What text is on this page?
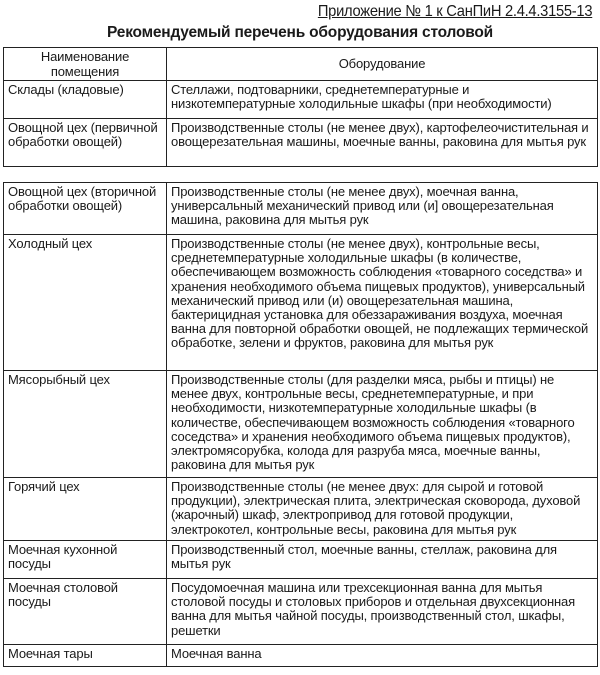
Приложение № 1 к СанПиН 2.4.4.3155-13
Рекомендуемый перечень оборудования столовой
Наименование помещения	Оборудование
Склады (кладовые)	Стеллажи, подтоварники, среднетемпературные и низкотемпературные холодильные шкафы (при необходимости)
Овощной цех (первичной обработки овощей)	Производственные столы (не менее двух), картофелеочистительная и овощерезательная машины, моечные ванны, раковина для мытья рук
Овощной цех (вторичной обработки овощей)	Производственные столы (не менее двух), моечная ванна, универсальный механический привод или (и] овощерезательная машина, раковина для мытья рук
Холодный цех	Производственные столы (не менее двух), контрольные весы, среднетемпературные холодильные шкафы (в количестве, обеспечивающем возможность соблюдения «товарного соседства» и хранения необходимого объема пищевых продуктов), универсальный механический привод или (и) овощерезательная машина, бактерицидная установка для обеззараживания воздуха, моечная ванна для повторной обработки овощей, не подлежащих термической обработке, зелени и фруктов, раковина для мытья рук
Мясорыбный цех	Производственные столы (для разделки мяса, рыбы и птицы) не менее двух, контрольные весы, среднетемпературные, и при необходимости, низкотемпературные холодильные шкафы (в количестве, обеспечивающем возможность соблюдения «товарного соседства» и хранения необходимого объема пищевых продуктов), электромясорубка, колода для разруба мяса, моечные ванны, раковина для мытья рук
Горячий цех	Производственные столы (не менее двух: для сырой и готовой продукции), электрическая плита, электрическая сковорода, духовой (жарочный) шкаф, электропривод для готовой продукции, электрокотел, контрольные весы, раковина для мытья рук
Моечная кухонной посуды	Производственный стол, моечные ванны, стеллаж, раковина для мытья рук
Моечная столовой посуды	Посудомоечная машина или трехсекционная ванна для мытья столовой посуды и столовых приборов и отдельная двухсекционная ванна для мытья чайной посуды, производственный стол, шкафы, решетки
Моечная тары	Моечная ванна
